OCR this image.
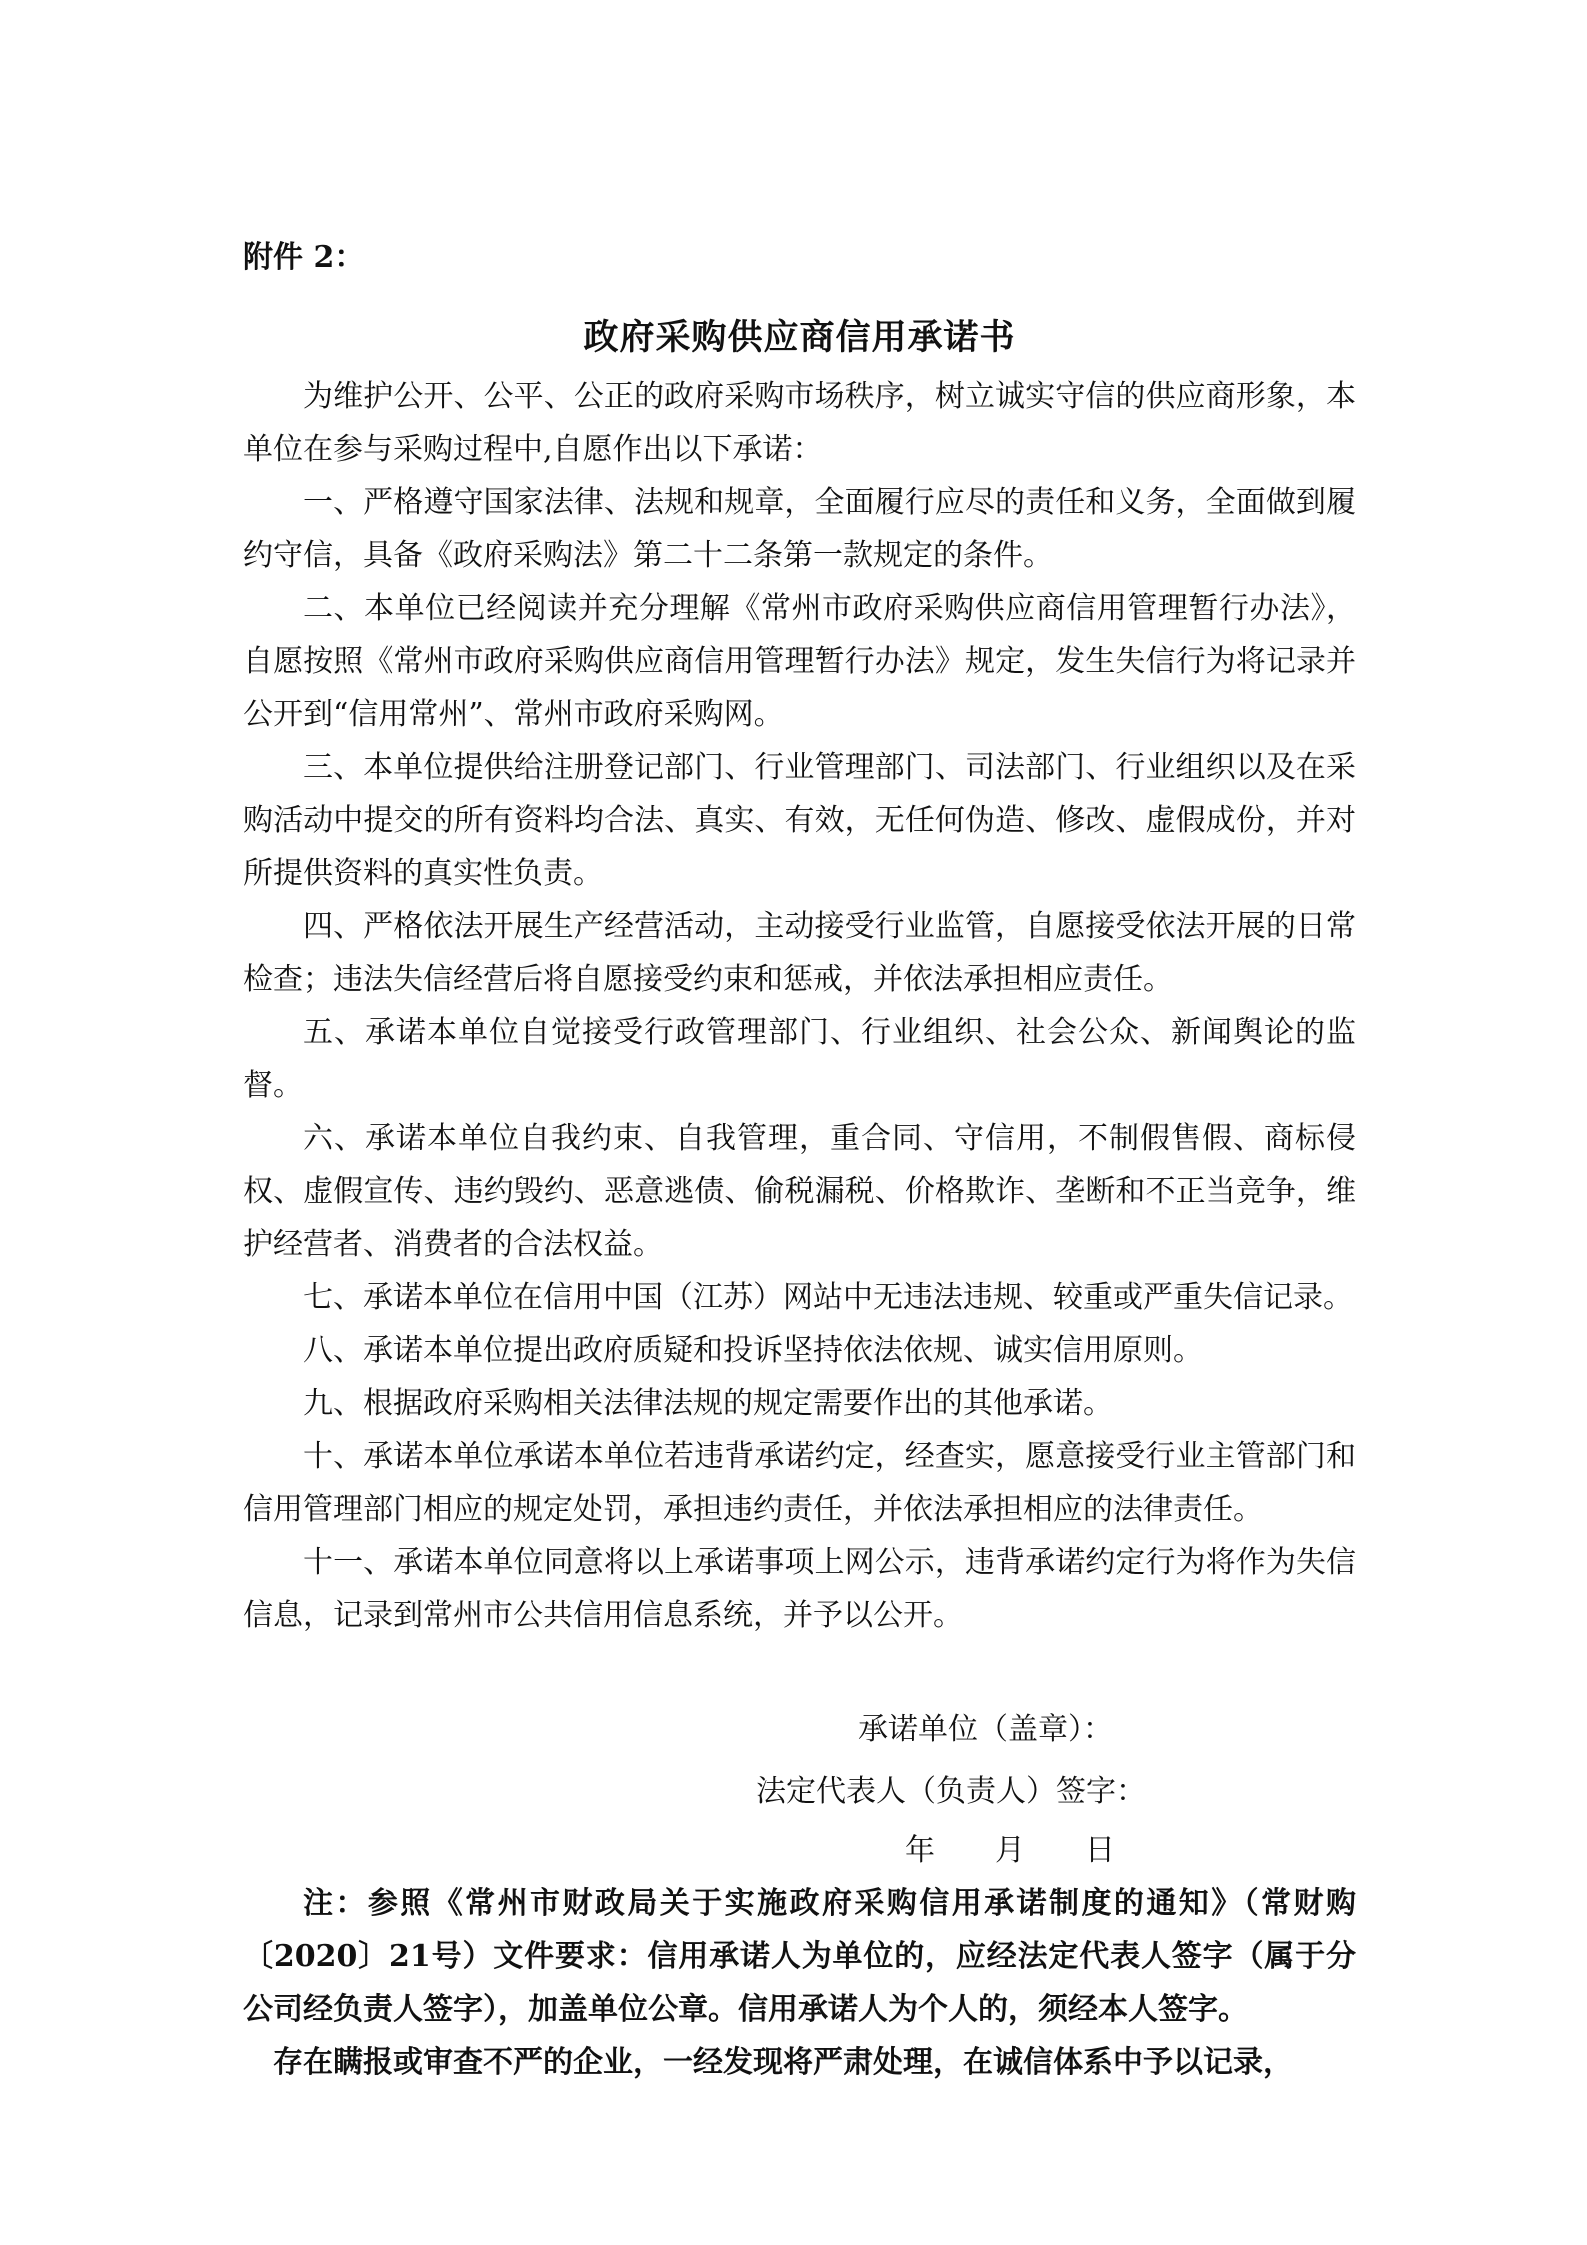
附件 2：

政府采购供应商信用承诺书

为维护公开、公平、公正的政府采购市场秩序，树立诚实守信的供应商形象，本单位在参与采购过程中,自愿作出以下承诺：

一、严格遵守国家法律、法规和规章，全面履行应尽的责任和义务，全面做到履约守信，具备《政府采购法》第二十二条第一款规定的条件。

二、本单位已经阅读并充分理解《常州市政府采购供应商信用管理暂行办法》，自愿按照《常州市政府采购供应商信用管理暂行办法》规定，发生失信行为将记录并公开到“信用常州”、常州市政府采购网。

三、本单位提供给注册登记部门、行业管理部门、司法部门、行业组织以及在采购活动中提交的所有资料均合法、真实、有效，无任何伪造、修改、虚假成份，并对所提供资料的真实性负责。

四、严格依法开展生产经营活动，主动接受行业监管，自愿接受依法开展的日常检查；违法失信经营后将自愿接受约束和惩戒，并依法承担相应责任。

五、承诺本单位自觉接受行政管理部门、行业组织、社会公众、新闻舆论的监督。

六、承诺本单位自我约束、自我管理，重合同、守信用，不制假售假、商标侵权、虚假宣传、违约毁约、恶意逃债、偷税漏税、价格欺诈、垄断和不正当竞争，维护经营者、消费者的合法权益。

七、承诺本单位在信用中国（江苏）网站中无违法违规、较重或严重失信记录。

八、承诺本单位提出政府质疑和投诉坚持依法依规、诚实信用原则。

九、根据政府采购相关法律法规的规定需要作出的其他承诺。

十、承诺本单位承诺本单位若违背承诺约定，经查实，愿意接受行业主管部门和信用管理部门相应的规定处罚，承担违约责任，并依法承担相应的法律责任。

十一、承诺本单位同意将以上承诺事项上网公示，违背承诺约定行为将作为失信信息，记录到常州市公共信用信息系统，并予以公开。

承诺单位（盖章）：

法定代表人（负责人）签字：

年　　月　　日

注：参照《常州市财政局关于实施政府采购信用承诺制度的通知》（常财购〔2020〕21号）文件要求：信用承诺人为单位的，应经法定代表人签字（属于分公司经负责人签字），加盖单位公章。信用承诺人为个人的，须经本人签字。

存在瞒报或审查不严的企业，一经发现将严肃处理，在诚信体系中予以记录，
